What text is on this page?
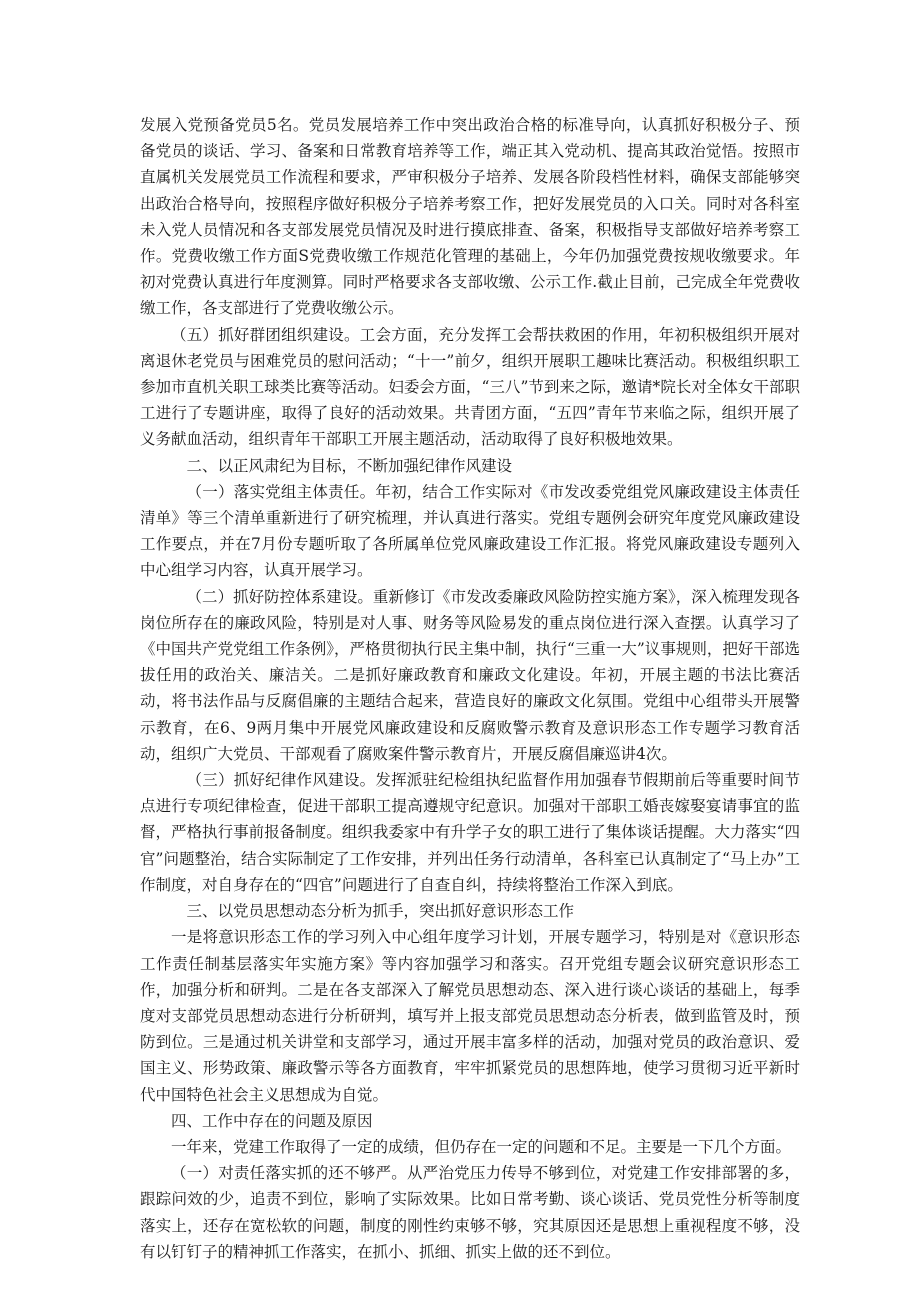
发展入党预备党员5名。党员发展培养工作中突出政治合格的标准导向，认真抓好积极分子、预备党员的谈话、学习、备案和日常教育培养等工作，端正其入党动机、提高其政治觉悟。按照市直属机关发展党员工作流程和要求，严审积极分子培养、发展各阶段档性材料，确保支部能够突出政治合格导向，按照程序做好积极分子培养考察工作，把好发展党员的入口关。同时对各科室未入党人员情况和各支部发展党员情况及时进行摸底排查、备案，积极指导支部做好培养考察工作。党费收缴工作方面S党费收缴工作规范化管理的基础上，今年仍加强党费按规收缴要求。年初对党费认真进行年度测算。同时严格要求各支部收缴、公示工作.截止目前，己完成全年党费收缴工作，各支部进行了党费收缴公示。

（五）抓好群团组织建设。工会方面，充分发挥工会帮扶救困的作用，年初积极组织开展对离退休老党员与困难党员的慰问活动；“十一”前夕，组织开展职工趣味比赛活动。积极组织职工参加市直机关职工球类比赛等活动。妇委会方面，“三八”节到来之际，邀请*院长对全体女干部职工进行了专题讲座，取得了良好的活动效果。共青团方面，“五四”青年节来临之际，组织开展了义务献血活动，组织青年干部职工开展主题活动，活动取得了良好积极地效果。

二、以正风肃纪为目标，不断加强纪律作风建设

（一）落实党组主体责任。年初，结合工作实际对《市发改委党组党风廉政建设主体责任清单》等三个清单重新进行了研究梳理，并认真进行落实。党组专题例会研究年度党风廉政建设工作要点，并在7月份专题听取了各所属单位党风廉政建设工作汇报。将党风廉政建设专题列入中心组学习内容，认真开展学习。

（二）抓好防控体系建设。重新修订《市发改委廉政风险防控实施方案》，深入梳理发现各岗位所存在的廉政风险，特别是对人事、财务等风险易发的重点岗位进行深入查摆。认真学习了《中国共产党党组工作条例》，严格贯彻执行民主集中制，执行“三重一大”议事规则，把好干部选拔任用的政治关、廉洁关。二是抓好廉政教育和廉政文化建设。年初，开展主题的书法比赛活动，将书法作品与反腐倡廉的主题结合起来，营造良好的廉政文化氛围。党组中心组带头开展警示教育，在6、9两月集中开展党风廉政建设和反腐败警示教育及意识形态工作专题学习教育活动，组织广大党员、干部观看了腐败案件警示教育片，开展反腐倡廉巡讲4次。

（三）抓好纪律作风建设。发挥派驻纪检组执纪监督作用加强春节假期前后等重要时间节点进行专项纪律检查，促进干部职工提高遵规守纪意识。加强对干部职工婚丧嫁娶宴请事宜的监督，严格执行事前报备制度。组织我委家中有升学子女的职工进行了集体谈话提醒。大力落实“四官”问题整治，结合实际制定了工作安排，并列出任务行动清单，各科室已认真制定了“马上办”工作制度，对自身存在的“四官”问题进行了自查自纠，持续将整治工作深入到底。

三、以党员思想动态分析为抓手，突出抓好意识形态工作

一是将意识形态工作的学习列入中心组年度学习计划，开展专题学习，特别是对《意识形态工作责任制基层落实年实施方案》等内容加强学习和落实。召开党组专题会议研究意识形态工作，加强分析和研判。二是在各支部深入了解党员思想动态、深入进行谈心谈话的基础上，每季度对支部党员思想动态进行分析研判，填写并上报支部党员思想动态分析表，做到监管及时，预防到位。三是通过机关讲堂和支部学习，通过开展丰富多样的活动，加强对党员的政治意识、爱国主义、形势政策、廉政警示等各方面教育，牢牢抓紧党员的思想阵地，使学习贯彻习近平新时代中国特色社会主义思想成为自觉。

四、工作中存在的问题及原因

一年来，党建工作取得了一定的成绩，但仍存在一定的问题和不足。主要是一下几个方面。

（一）对责任落实抓的还不够严。从严治党压力传导不够到位，对党建工作安排部署的多，跟踪问效的少，追责不到位，影响了实际效果。比如日常考勤、谈心谈话、党员党性分析等制度落实上，还存在宽松软的问题，制度的刚性约束够不够，究其原因还是思想上重视程度不够，没有以钉钉子的精神抓工作落实，在抓小、抓细、抓实上做的还不到位。
